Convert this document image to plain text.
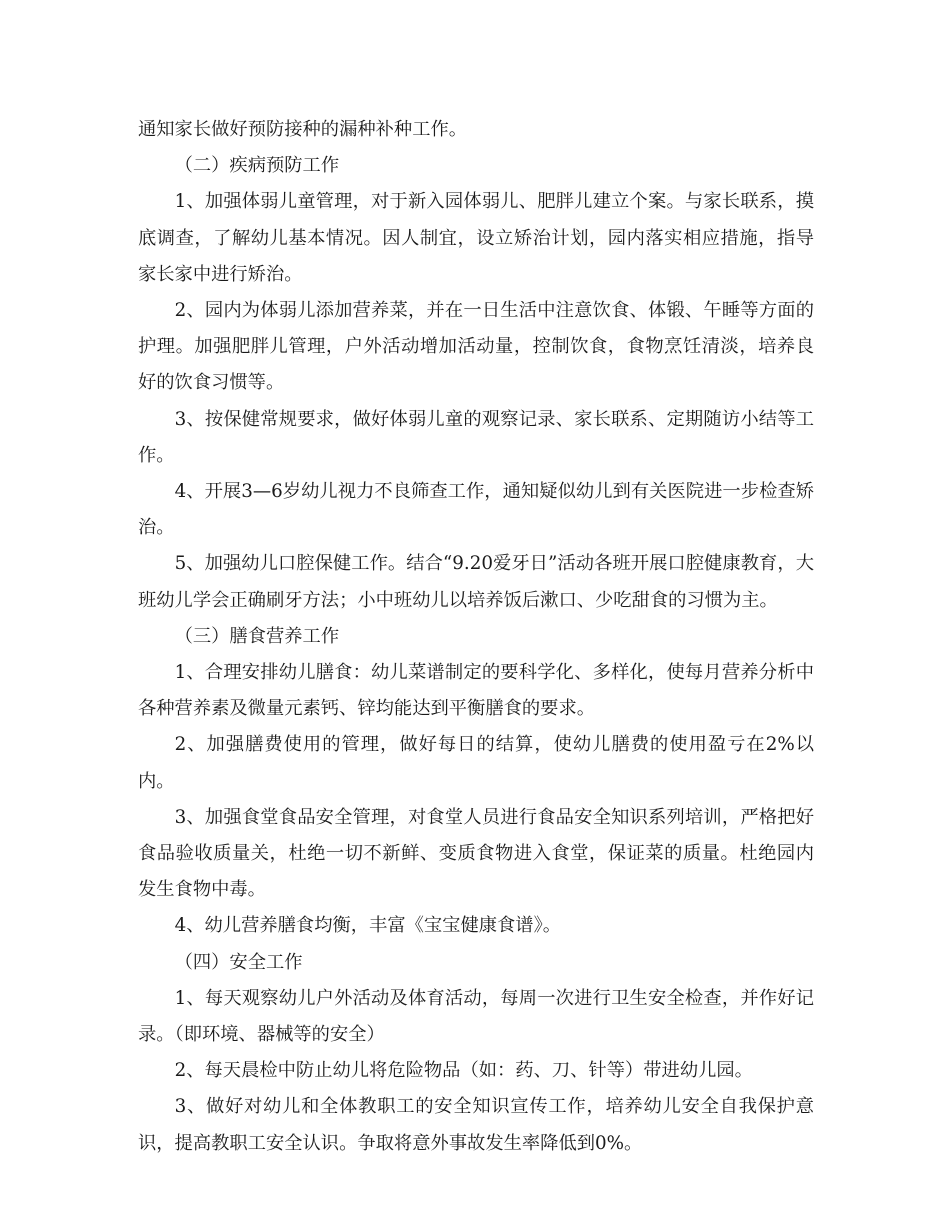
通知家长做好预防接种的漏种补种工作。

（二）疾病预防工作

1、加强体弱儿童管理，对于新入园体弱儿、肥胖儿建立个案。与家长联系，摸底调查，了解幼儿基本情况。因人制宜，设立矫治计划，园内落实相应措施，指导家长家中进行矫治。

2、园内为体弱儿添加营养菜，并在一日生活中注意饮食、体锻、午睡等方面的护理。加强肥胖儿管理，户外活动增加活动量，控制饮食，食物烹饪清淡，培养良好的饮食习惯等。

3、按保健常规要求，做好体弱儿童的观察记录、家长联系、定期随访小结等工作。

4、开展3—6岁幼儿视力不良筛查工作，通知疑似幼儿到有关医院进一步检查矫治。

5、加强幼儿口腔保健工作。结合“9.20爱牙日”活动各班开展口腔健康教育，大班幼儿学会正确刷牙方法；小中班幼儿以培养饭后漱口、少吃甜食的习惯为主。

（三）膳食营养工作

1、合理安排幼儿膳食：幼儿菜谱制定的要科学化、多样化，使每月营养分析中各种营养素及微量元素钙、锌均能达到平衡膳食的要求。

2、加强膳费使用的管理，做好每日的结算，使幼儿膳费的使用盈亏在2%以内。

3、加强食堂食品安全管理，对食堂人员进行食品安全知识系列培训，严格把好食品验收质量关，杜绝一切不新鲜、变质食物进入食堂，保证菜的质量。杜绝园内发生食物中毒。

4、幼儿营养膳食均衡，丰富《宝宝健康食谱》。

（四）安全工作

1、每天观察幼儿户外活动及体育活动，每周一次进行卫生安全检查，并作好记录。（即环境、器械等的安全）

2、每天晨检中防止幼儿将危险物品（如：药、刀、针等）带进幼儿园。

3、做好对幼儿和全体教职工的安全知识宣传工作，培养幼儿安全自我保护意识，提高教职工安全认识。争取将意外事故发生率降低到0%。
